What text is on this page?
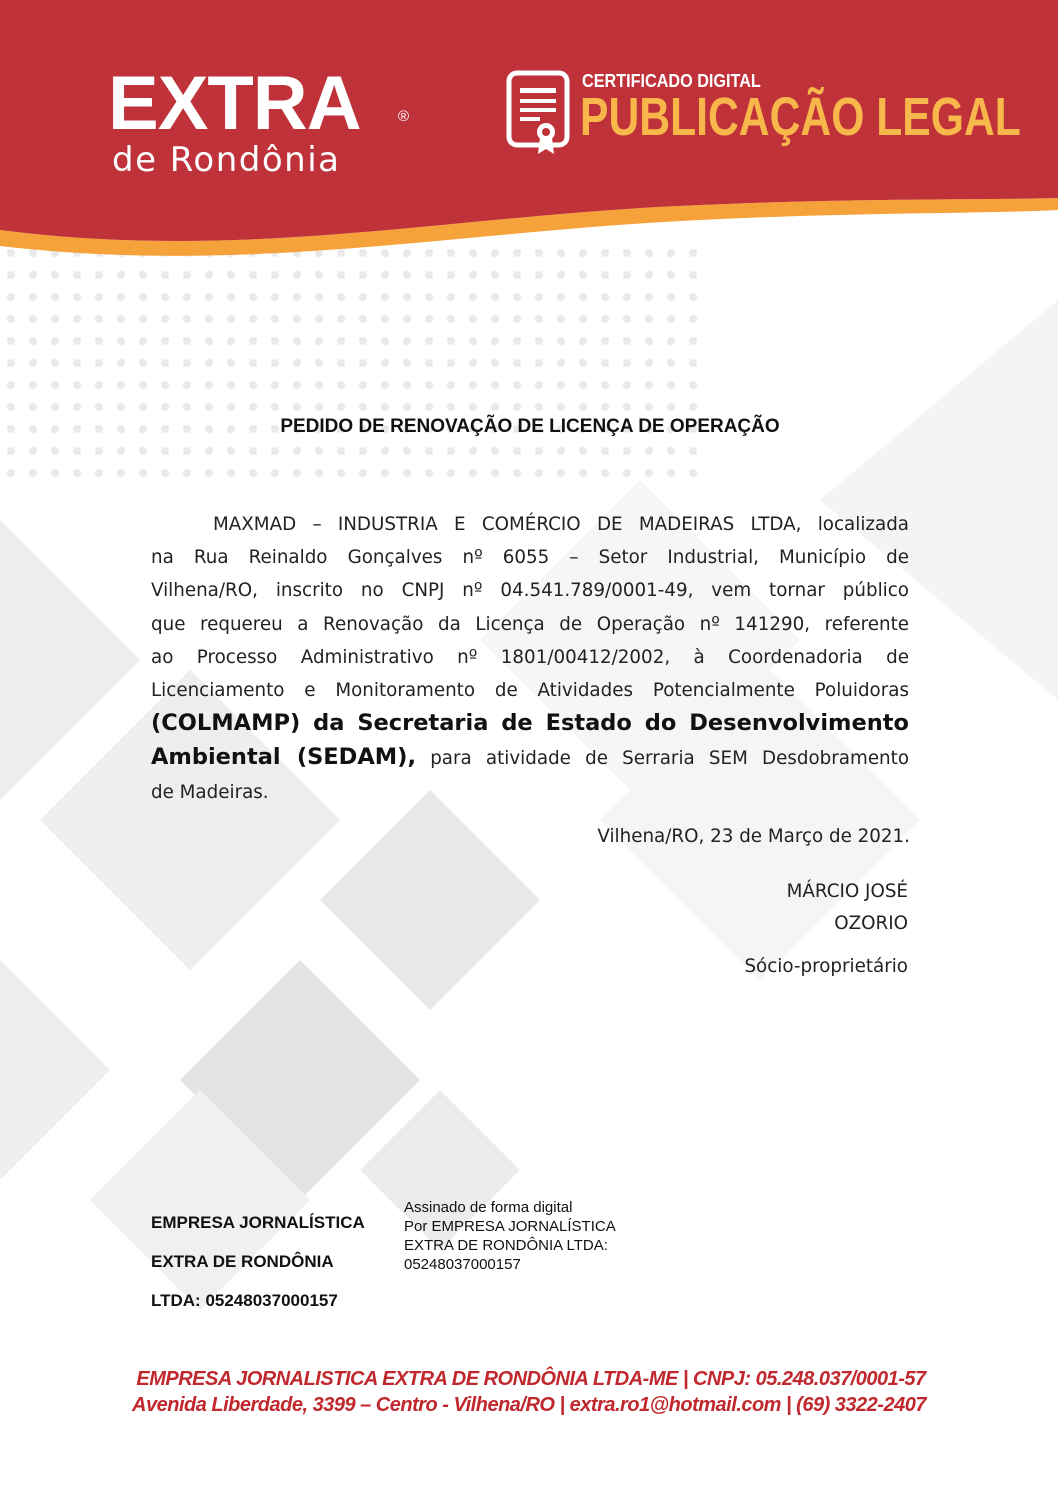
EXTRA ®
de Rondônia
CERTIFICADO DIGITAL
PUBLICAÇÃO LEGAL
PEDIDO DE RENOVAÇÃO DE LICENÇA DE OPERAÇÃO
MAXMAD – INDUSTRIA E COMÉRCIO DE MADEIRAS LTDA, localizada
na Rua Reinaldo Gonçalves nº 6055 – Setor Industrial, Município de
Vilhena/RO, inscrito no CNPJ nº 04.541.789/0001-49, vem tornar público
que requereu a Renovação da Licença de Operação nº 141290, referente
ao Processo Administrativo nº 1801/00412/2002, à Coordenadoria de
Licenciamento e Monitoramento de Atividades Potencialmente Poluidoras
(COLMAMP) da Secretaria de Estado do Desenvolvimento
Ambiental (SEDAM), para atividade de Serraria SEM Desdobramento
de Madeiras.
Vilhena/RO, 23 de Março de 2021.
MÁRCIO JOSÉ
OZORIO
Sócio-proprietário
EMPRESA JORNALÍSTICA
EXTRA DE RONDÔNIA
LTDA: 05248037000157
Assinado de forma digital
Por EMPRESA JORNALÍSTICA
EXTRA DE RONDÔNIA LTDA:
05248037000157
EMPRESA JORNALISTICA EXTRA DE RONDÔNIA LTDA-ME | CNPJ: 05.248.037/0001-57
Avenida Liberdade, 3399 – Centro - Vilhena/RO | extra.ro1@hotmail.com | (69) 3322-2407
